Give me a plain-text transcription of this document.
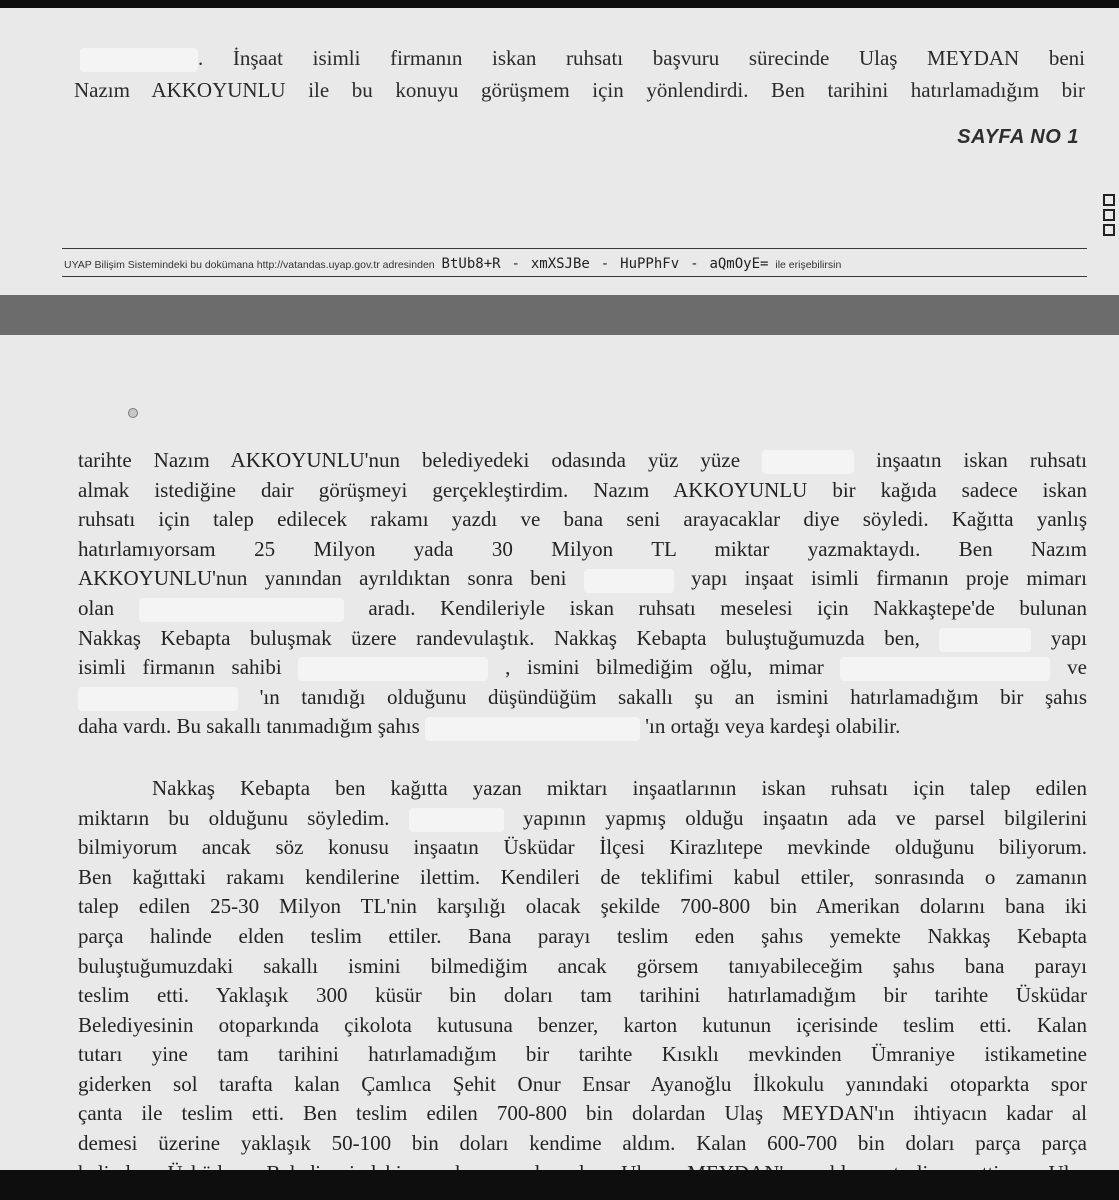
. İnşaat isimli firmanın iskan ruhsatı başvuru sürecinde Ulaş MEYDAN beni
Nazım AKKOYUNLU ile bu konuyu görüşmem için yönlendirdi. Ben tarihini hatırlamadığım bir
SAYFA NO 1
UYAP Bilişim Sistemindeki bu dokümana http://vatandas.uyap.gov.tr adresinden BtUb8+R - xmXSJBe - HuPPhFv - aQmOyE= ile erişebilirsin
tarihte Nazım AKKOYUNLU'nun belediyedeki odasında yüz yüze	inşaatın iskan ruhsatı
almak istediğine dair görüşmeyi gerçekleştirdim. Nazım AKKOYUNLU bir kağıda sadece iskan
ruhsatı için talep edilecek rakamı yazdı ve bana seni arayacaklar diye söyledi. Kağıtta yanlış
hatırlamıyorsam 25 Milyon yada 30 Milyon TL miktar yazmaktaydı. Ben Nazım
AKKOYUNLU'nun yanından ayrıldıktan sonra beni	yapı inşaat isimli firmanın proje mimarı
olan	aradı. Kendileriyle iskan ruhsatı meselesi için Nakkaştepe'de bulunan
Nakkaş Kebapta buluşmak üzere randevulaştık. Nakkaş Kebapta buluştuğumuzda ben,	yapı
isimli firmanın sahibi	, ismini bilmediğim oğlu, mimar	ve
'ın tanıdığı olduğunu düşündüğüm sakallı şu an ismini hatırlamadığım bir şahıs
daha vardı. Bu sakallı tanımadığım şahıs	'ın ortağı veya kardeşi olabilir.
Nakkaş Kebapta ben kağıtta yazan miktarı inşaatlarının iskan ruhsatı için talep edilen
miktarın bu olduğunu söyledim.	yapının yapmış olduğu inşaatın ada ve parsel bilgilerini
bilmiyorum ancak söz konusu inşaatın Üsküdar İlçesi Kirazlıtepe mevkinde olduğunu biliyorum.
Ben kağıttaki rakamı kendilerine ilettim. Kendileri de teklifimi kabul ettiler, sonrasında o zamanın
talep edilen 25-30 Milyon TL'nin karşılığı olacak şekilde 700-800 bin Amerikan dolarını bana iki
parça halinde elden teslim ettiler. Bana parayı teslim eden şahıs yemekte Nakkaş Kebapta
buluştuğumuzdaki sakallı ismini bilmediğim ancak görsem tanıyabileceğim şahıs bana parayı
teslim etti. Yaklaşık 300 küsür bin doları tam tarihini hatırlamadığım bir tarihte Üsküdar
Belediyesinin otoparkında çikolota kutusuna benzer, karton kutunun içerisinde teslim etti. Kalan
tutarı yine tam tarihini hatırlamadığım bir tarihte Kısıklı mevkinden Ümraniye istikametine
giderken sol tarafta kalan Çamlıca Şehit Onur Ensar Ayanoğlu İlkokulu yanındaki otoparkta spor
çanta ile teslim etti. Ben teslim edilen 700-800 bin dolardan Ulaş MEYDAN'ın ihtiyacın kadar al
demesi üzerine yaklaşık 50-100 bin doları kendime aldım. Kalan 600-700 bin doları parça parça
